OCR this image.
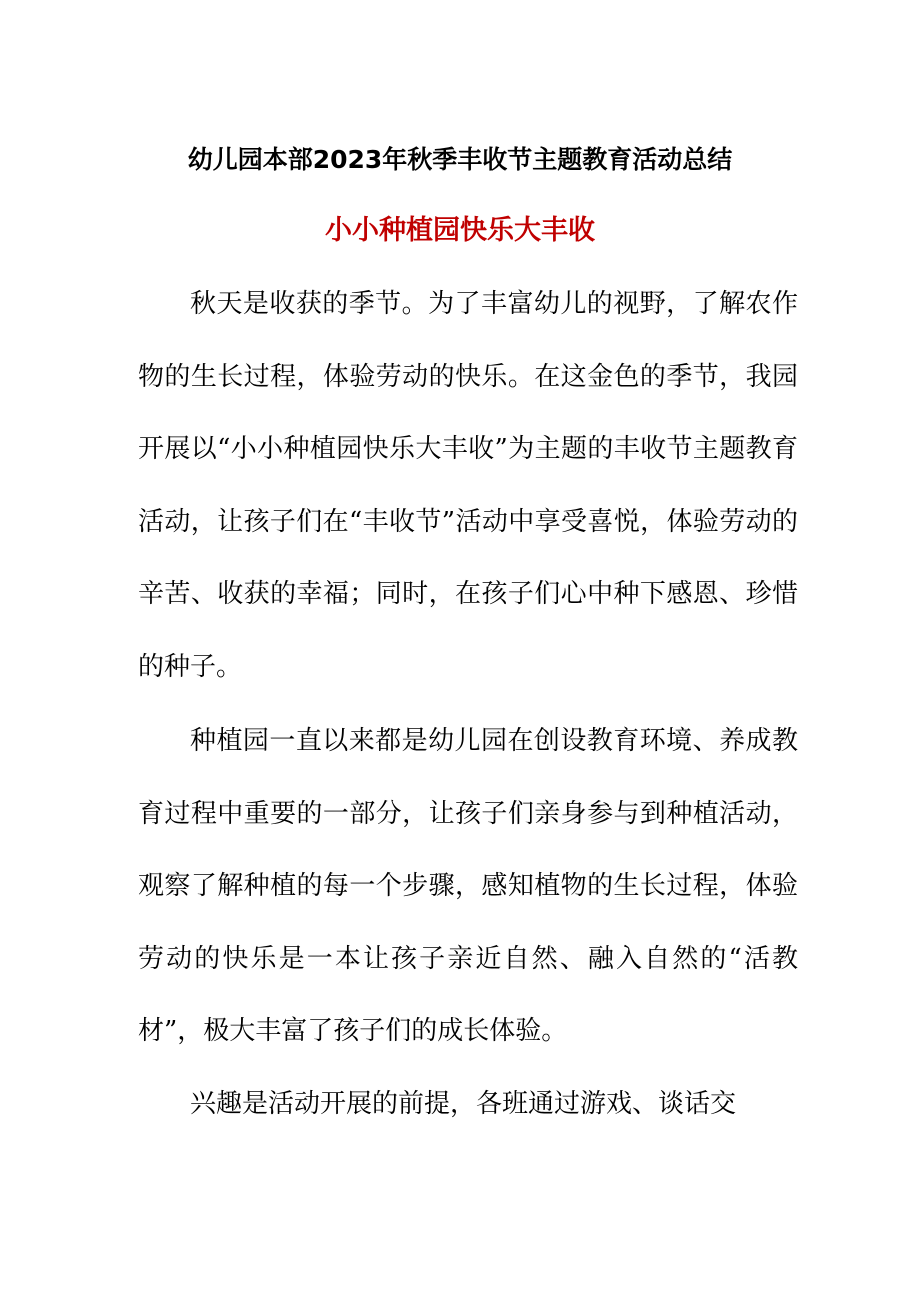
幼儿园本部2023年秋季丰收节主题教育活动总结
小小种植园快乐大丰收

秋天是收获的季节。为了丰富幼儿的视野，了解农作物的生长过程，体验劳动的快乐。在这金色的季节，我园开展以“小小种植园快乐大丰收”为主题的丰收节主题教育活动，让孩子们在“丰收节”活动中享受喜悦，体验劳动的辛苦、收获的幸福；同时，在孩子们心中种下感恩、珍惜的种子。

种植园一直以来都是幼儿园在创设教育环境、养成教育过程中重要的一部分，让孩子们亲身参与到种植活动，观察了解种植的每一个步骤，感知植物的生长过程，体验劳动的快乐是一本让孩子亲近自然、融入自然的“活教材”，极大丰富了孩子们的成长体验。

兴趣是活动开展的前提，各班通过游戏、谈话交
